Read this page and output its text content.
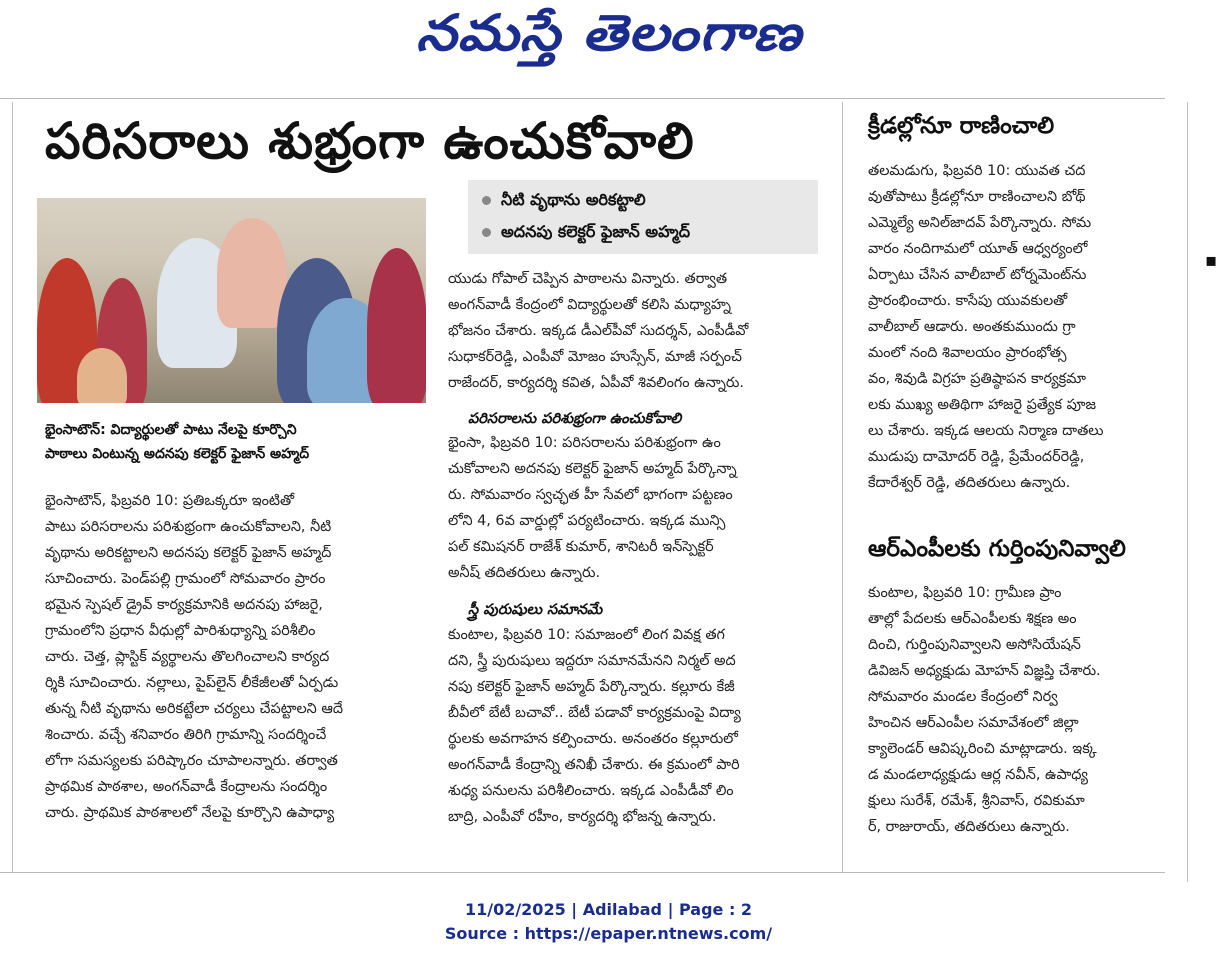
నమస్తే తెలంగాణ
పరిసరాలు శుభ్రంగా ఉంచుకోవాలి
నీటి వృథాను అరికట్టాలి
అదనపు కలెక్టర్ ఫైజాన్ అహ్మద్
భైంసాటౌన్: విద్యార్థులతో పాటు నేలపై కూర్చొని
పాఠాలు వింటున్న అదనపు కలెక్టర్ ఫైజాన్ అహ్మద్

భైంసాటౌన్, ఫిబ్రవరి 10: ప్రతిఒక్కరూ ఇంటితో

పాటు పరిసరాలను పరిశుభ్రంగా ఉంచుకోవాలని, నీటి

వృథాను అరికట్టాలని అదనపు కలెక్టర్ ఫైజాన్ అహ్మద్

సూచించారు. పెండ్‌పల్లి గ్రామంలో సోమవారం ప్రారం

భమైన స్పెషల్ డ్రైవ్ కార్యక్రమానికి అదనపు హాజరై,

గ్రామంలోని ప్రధాన వీధుల్లో పారిశుధ్యాన్ని పరిశీలిం

చారు. చెత్త, ప్లాస్టిక్ వ్యర్థాలను తొలగించాలని కార్యద

ర్శికి సూచించారు. నల్లాలు, పైప్‌లైన్ లీకేజీలతో ఏర్పడు

తున్న నీటి వృథాను అరికట్టేలా చర్యలు చేపట్టాలని ఆదే

శించారు. వచ్చే శనివారం తిరిగి గ్రామాన్ని సందర్శించే

లోగా సమస్యలకు పరిష్కారం చూపాలన్నారు. తర్వాత

ప్రాథమిక పాఠశాల, అంగన్‌వాడీ కేంద్రాలను సందర్శిం

చారు. ప్రాథమిక పాఠశాలలో నేలపై కూర్చొని ఉపాధ్యా

యుడు గోపాల్ చెప్పిన పాఠాలను విన్నారు. తర్వాత

అంగన్‌వాడీ కేంద్రంలో విద్యార్థులతో కలిసి మధ్యాహ్న

భోజనం చేశారు. ఇక్కడ డీఎల్‌పీవో సుదర్శన్, ఎంపీడీవో

సుధాకర్‌రెడ్డి, ఎంపీవో మోజం హుస్సేన్, మాజీ సర్పంచ్

రాజేందర్, కార్యదర్శి కవిత, ఏపీవో శివలింగం ఉన్నారు.

పరిసరాలను పరిశుభ్రంగా ఉంచుకోవాలి

భైంసా, ఫిబ్రవరి 10: పరిసరాలను పరిశుభ్రంగా ఉం

చుకోవాలని అదనపు కలెక్టర్ ఫైజాన్ అహ్మద్ పేర్కొన్నా

రు. సోమవారం స్వచ్ఛత హీ సేవలో భాగంగా పట్టణం

లోని 4, 6వ వార్డుల్లో పర్యటించారు. ఇక్కడ మున్సి

పల్ కమిషనర్ రాజేశ్ కుమార్, శానిటరీ ఇన్‌స్పెక్టర్

అనీష్ తదితరులు ఉన్నారు.

స్త్రీ పురుషులు సమానమే

కుంటాల, ఫిబ్రవరి 10: సమాజంలో లింగ వివక్ష తగ

దని, స్త్రీ పురుషులు ఇద్దరూ సమానమేనని నిర్మల్ అద

నపు కలెక్టర్ ఫైజాన్ అహ్మద్ పేర్కొన్నారు. కల్లూరు కేజీ

బీవీలో బేటీ బచావో.. బేటీ పడావో కార్యక్రమంపై విద్యా

ర్థులకు అవగాహన కల్పించారు. అనంతరం కల్లూరులో

అంగన్‌వాడీ కేంద్రాన్ని తనిఖీ చేశారు. ఈ క్రమంలో పారి

శుధ్య పనులను పరిశీలించారు. ఇక్కడ ఎంపీడీవో లిం

బాద్రి, ఎంపీవో రహీం, కార్యదర్శి భోజన్న ఉన్నారు.

క్రీడల్లోనూ రాణించాలి

తలమడుగు, ఫిబ్రవరి 10: యువత చద

వుతోపాటు క్రీడల్లోనూ రాణించాలని బోథ్

ఎమ్మెల్యే అనిల్‌జాదవ్ పేర్కొన్నారు. సోమ

వారం నందిగామలో యూత్ ఆధ్వర్యంలో

ఏర్పాటు చేసిన వాలీబాల్ టోర్నమెంట్‌ను

ప్రారంభించారు. కాసేపు యువకులతో

వాలీబాల్ ఆడారు. అంతకుముందు గ్రా

మంలో నంది శివాలయం ప్రారంభోత్స

వం, శివుడి విగ్రహ ప్రతిష్ఠాపన కార్యక్రమా

లకు ముఖ్య అతిథిగా హాజరై ప్రత్యేక పూజ

లు చేశారు. ఇక్కడ ఆలయ నిర్మాణ దాతలు

ముడుపు దామోదర్ రెడ్డి, ప్రేమేందర్‌రెడ్డి,

కేదారేశ్వర్ రెడ్డి, తదితరులు ఉన్నారు.

ఆర్‌ఎంపీలకు గుర్తింపునివ్వాలి

కుంటాల, ఫిబ్రవరి 10: గ్రామీణ ప్రాం

తాల్లో పేదలకు ఆర్‌ఎంపీలకు శిక్షణ అం

దించి, గుర్తింపునివ్వాలని అసోసియేషన్

డివిజన్ అధ్యక్షుడు మోహన్ విజ్ఞప్తి చేశారు.

సోమవారం మండల కేంద్రంలో నిర్వ

హించిన ఆర్‌ఎంపీల సమావేశంలో జిల్లా

క్యాలెండర్ ఆవిష్కరించి మాట్లాడారు. ఇక్క

డ మండలాధ్యక్షుడు ఆర్ల నవీన్, ఉపాధ్య

క్షులు సురేశ్, రమేశ్, శ్రీనివాస్, రవికుమా

ర్, రాజురాయ్, తదితరులు ఉన్నారు.

▪
11/02/2025 | Adilabad | Page : 2
Source : https://epaper.ntnews.com/
